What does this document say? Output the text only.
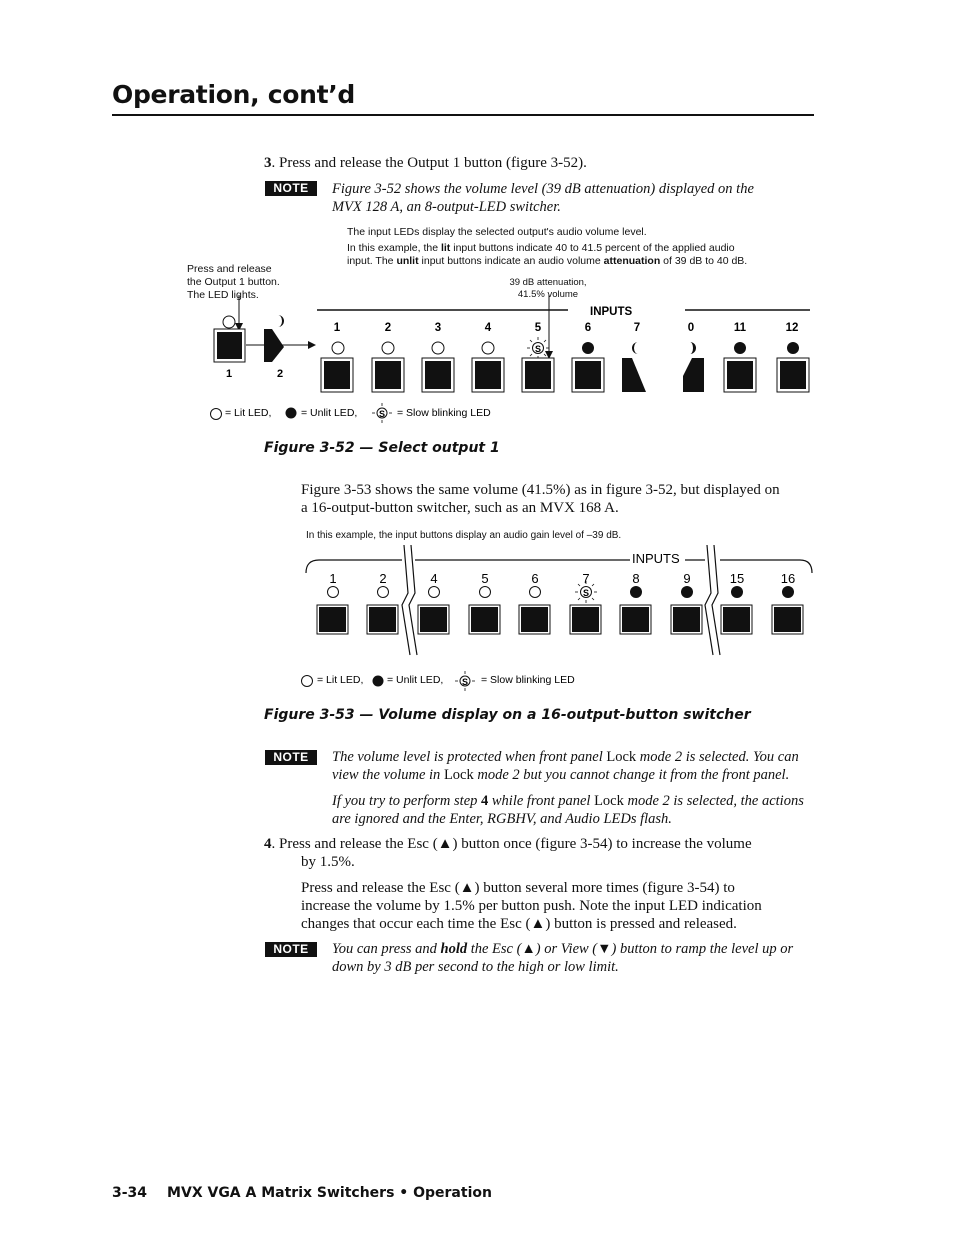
Operation, cont’d
3. Press and release the Output 1 button (figure 3-52).
NOTE	Figure 3-52 shows the volume level (39 dB attenuation) displayed on the
MVX 128 A, an 8-output-LED switcher.
The input LEDs display the selected output's audio volume level.
In this example, the lit input buttons indicate 40 to 41.5 percent of the applied audio
input. The unlit input buttons indicate an audio volume attenuation of 39 dB to 40 dB.
Press and release
the Output 1 button.
The LED lights.
39 dB attenuation,
41.5% volume
INPUTS
1	2
1	2	3	4	5	6	7	0	11	12
S
= Lit LED,	= Unlit LED, S = Slow blinking LED
Figure 3-52 — Select output 1
Figure 3-53 shows the same volume (41.5%) as in figure 3-52, but displayed on
a 16-output-button switcher, such as an MVX 168 A.
In this example, the input buttons display an audio gain level of –39 dB.
INPUTS
1	2	4	5	6	7	8	9	15	16
S
= Lit LED, = Unlit LED, S = Slow blinking LED
Figure 3-53 — Volume display on a 16-output-button switcher
NOTE	The volume level is protected when front panel Lock mode 2 is selected. You can
view the volume in Lock mode 2 but you cannot change it from the front panel.
If you try to perform step 4 while front panel Lock mode 2 is selected, the actions
are ignored and the Enter, RGBHV, and Audio LEDs flash.
4. Press and release the Esc (▲) button once (figure 3-54) to increase the volume
by 1.5%.
Press and release the Esc (▲) button several more times (figure 3-54) to
increase the volume by 1.5% per button push. Note the input LED indication
changes that occur each time the Esc (▲) button is pressed and released.
NOTE	You can press and hold the Esc (▲) or View (▼) button to ramp the level up or
down by 3 dB per second to the high or low limit.
3-34 MVX VGA A Matrix Switchers • Operation
